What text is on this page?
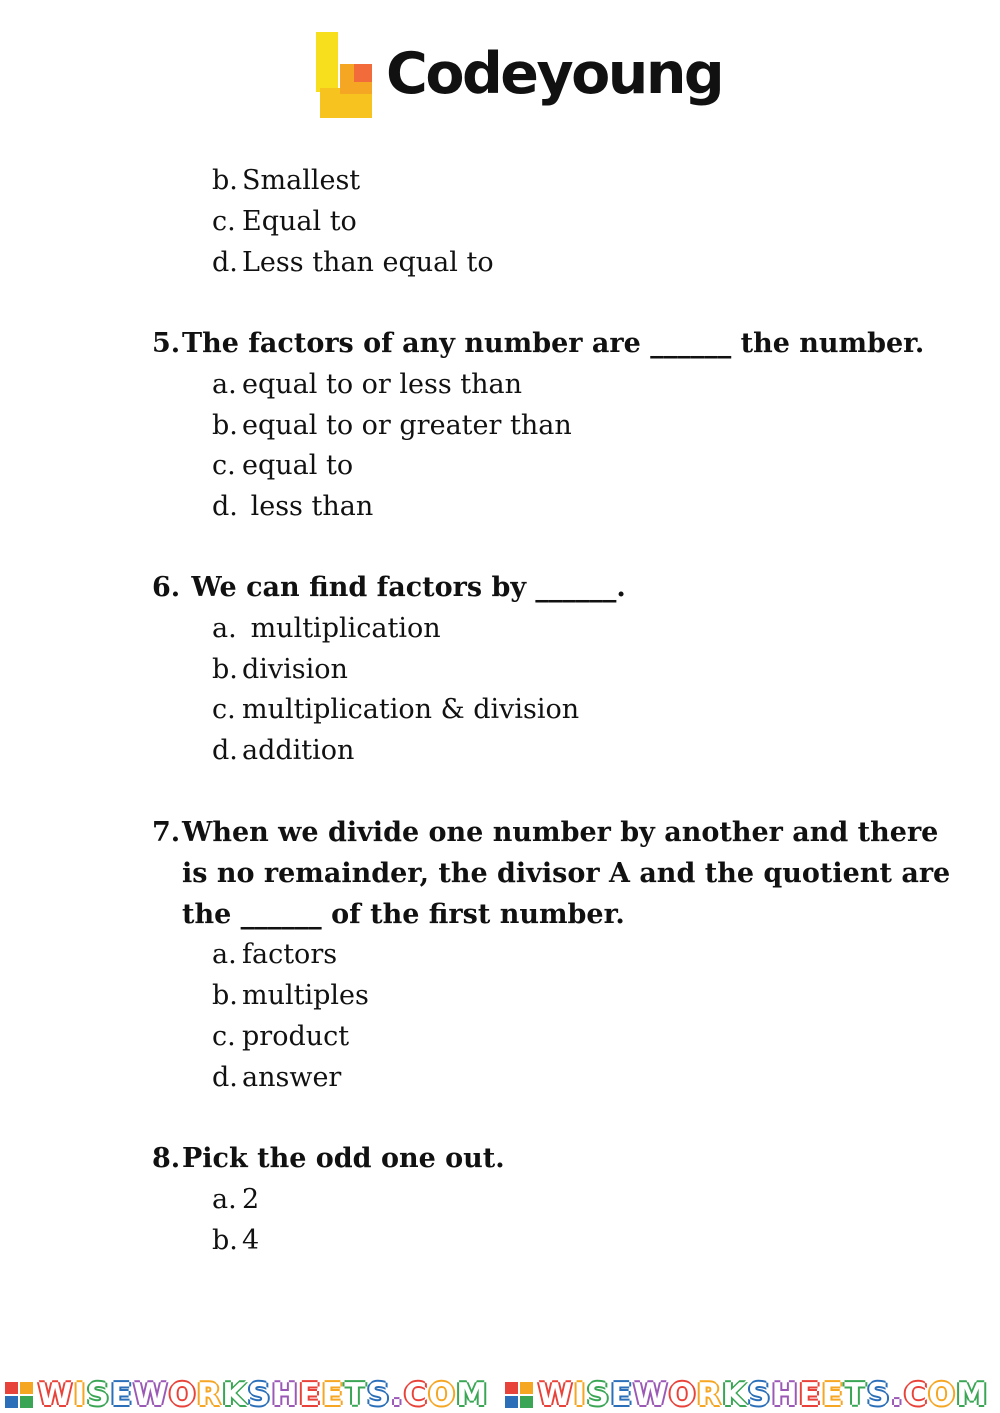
Codeyoung
b. Smallest
c. Equal to
d. Less than equal to
5. The factors of any number are ______ the number.
a. equal to or less than
b. equal to or greater than
c. equal to
d. less than
6. We can find factors by ______.
a. multiplication
b. division
c. multiplication & division
d. addition
7. When we divide one number by another and there
is no remainder, the divisor A and the quotient are
the ______ of the first number.
a. factors
b. multiples
c. product
d. answer
8. Pick the odd one out.
a. 2
b. 4
WISEWORKSHEETS.COM WISEWORKSHEETS.COM
